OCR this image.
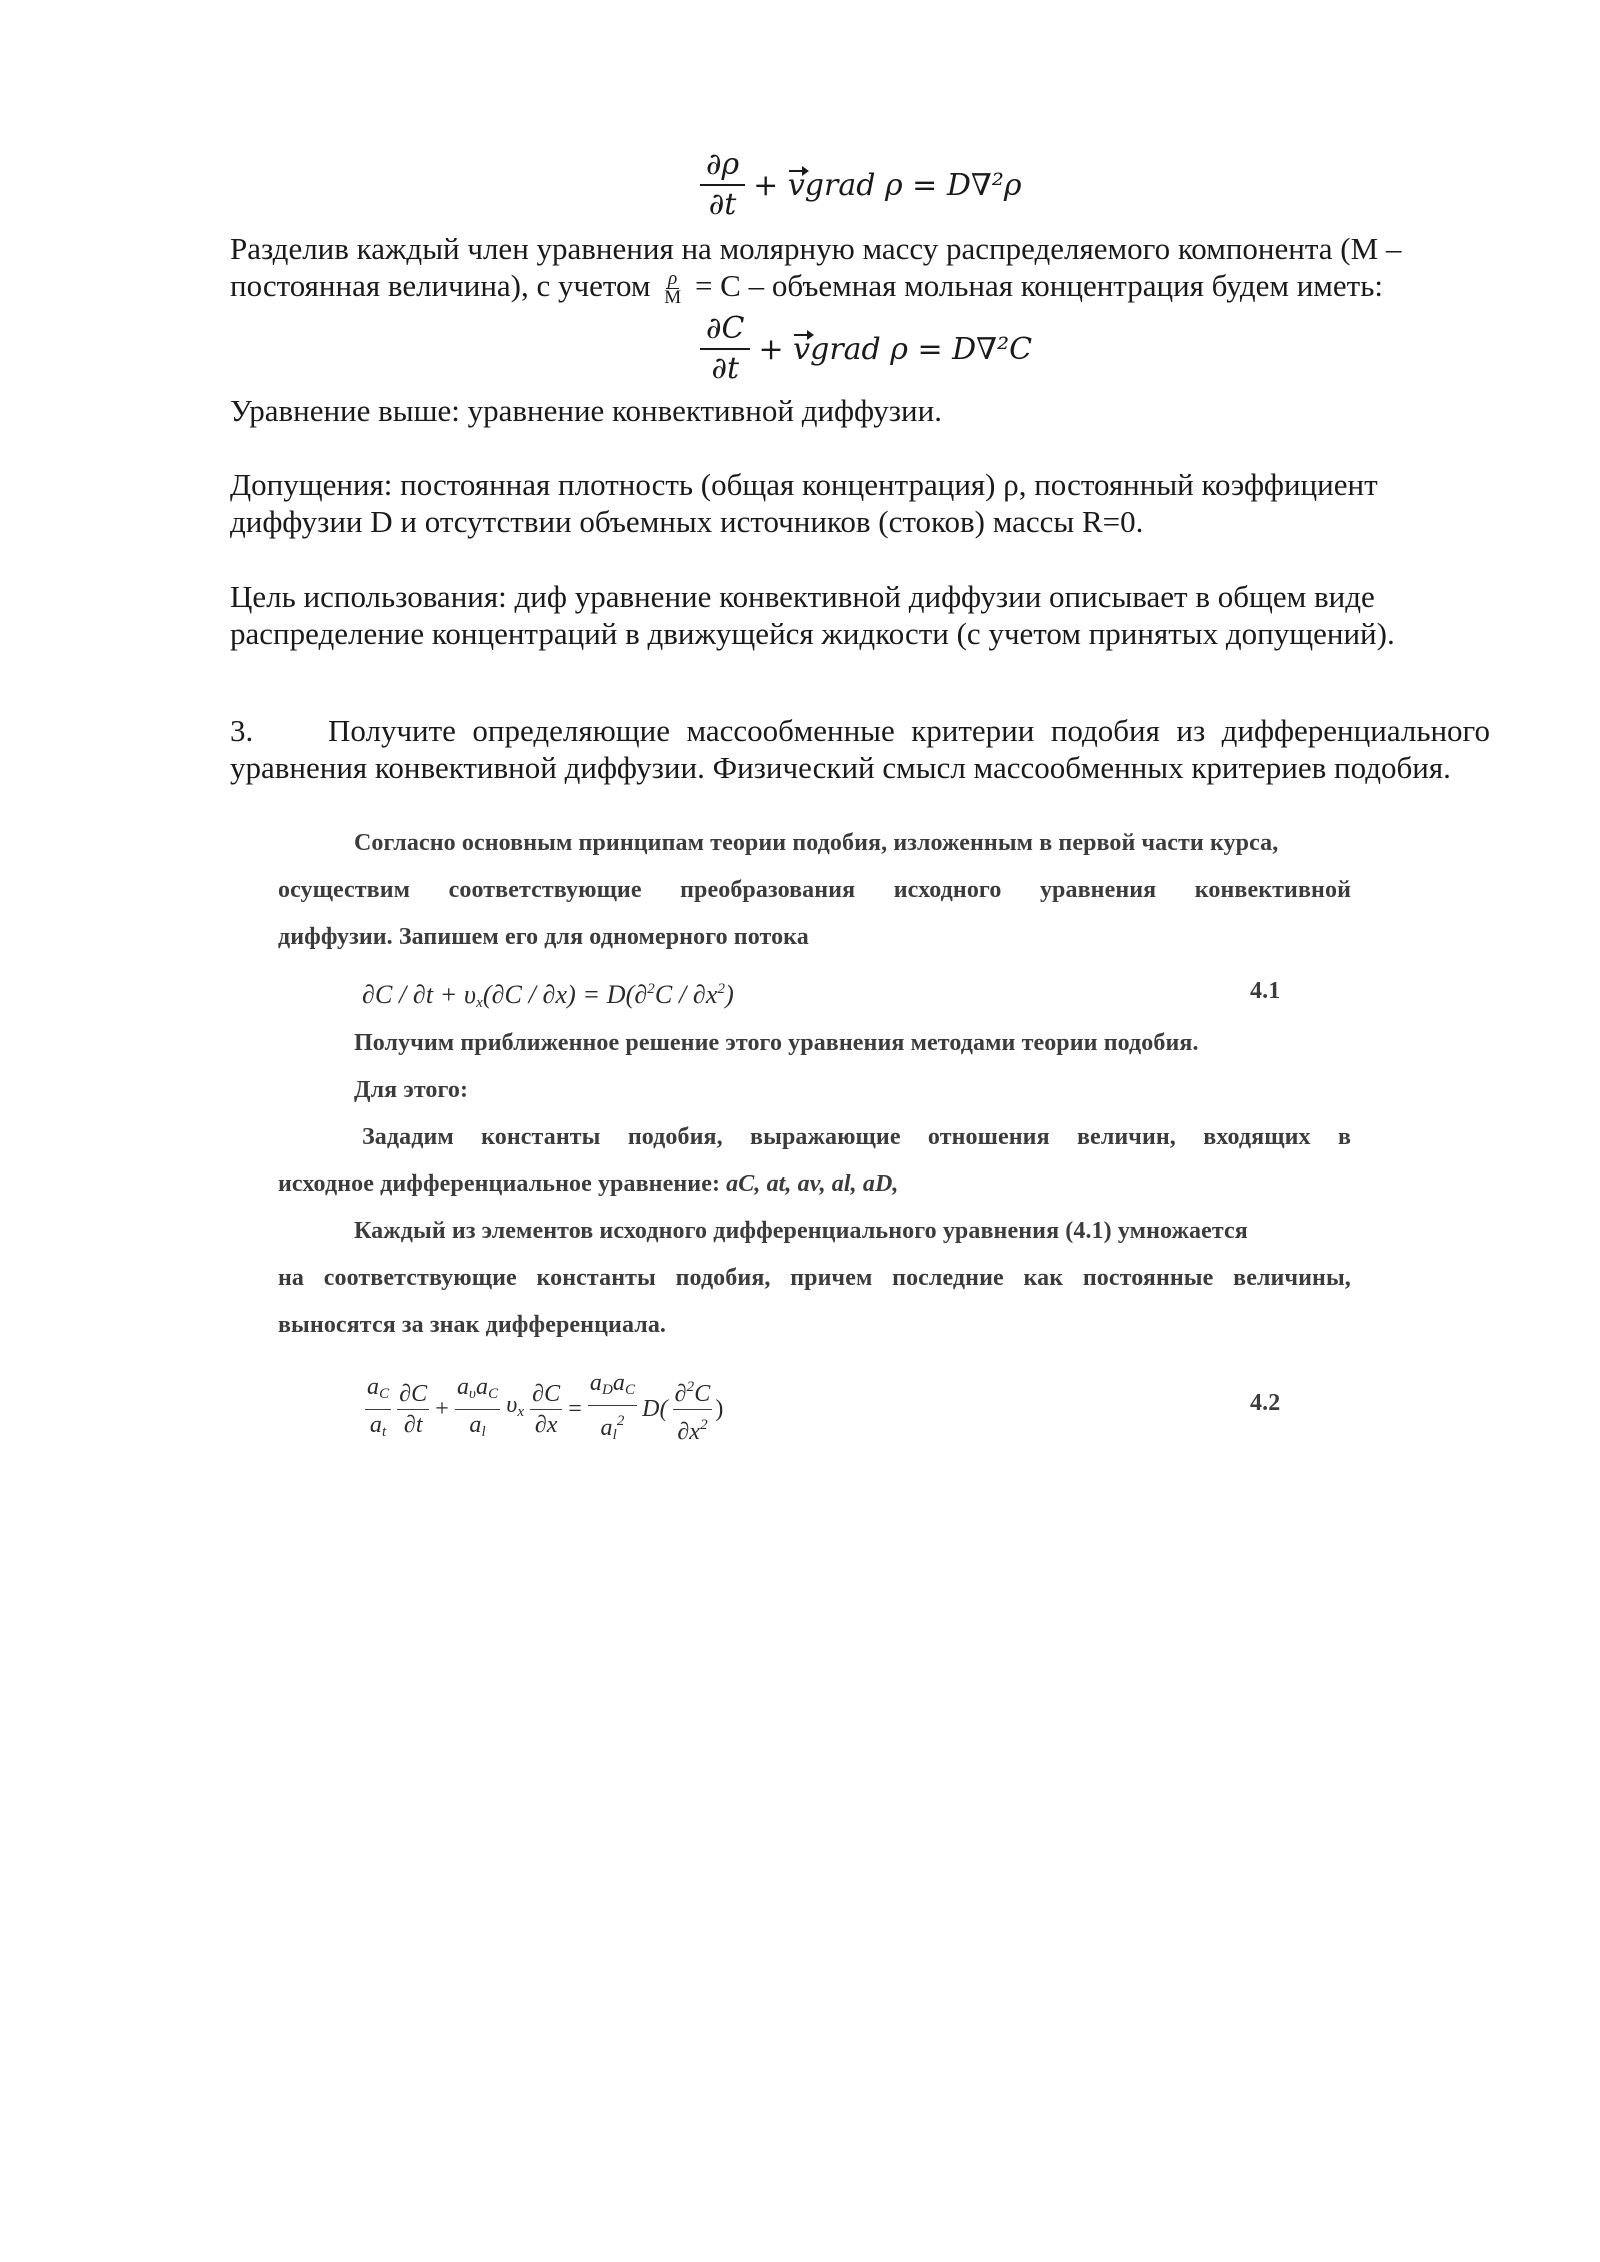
$\frac{\partial\rho}{\partial t}$ + vgrad ρ = D∇²ρ
Разделив каждый член уравнения на молярную массу распределяемого компонента (М –
постоянная величина), с учетом ρ
М = C – объемная мольная концентрация будем иметь:
$\frac{\partial C}{\partial t}$ + vgrad ρ = D∇²C
Уравнение выше: уравнение конвективной диффузии.
Допущения: постоянная плотность (общая концентрация) ρ, постоянный коэффициент
диффузии D и отсутствии объемных источников (стоков) массы R=0.
Цель использования: диф уравнение конвективной диффузии описывает в общем виде
распределение концентраций в движущейся жидкости (с учетом принятых допущений).
3. Получите определяющие массообменные критерии подобия из дифференциального уравнения конвективной диффузии. Физический смысл массообменных критериев подобия.
Согласно основным принципам теории подобия, изложенным в первой части курса,
осуществим соответствующие преобразования исходного уравнения конвективной
диффузии. Запишем его для одномерного потока
$\partial C / \partial t + \upsilon_x(\partial C / \partial x) = D(\partial^2C / \partial x^2)$	4.1
Получим приближенное решение этого уравнения методами теории подобия.
Для этого:
Зададим константы подобия, выражающие отношения величин, входящих в
исходное дифференциальное уравнение: aC, at, av, al, aD,
Каждый из элементов исходного дифференциального уравнения (4.1) умножается
на соответствующие константы подобия, причем последние как постоянные величины,
выносятся за знак дифференциала.
$a_C$
$a_t$
∂C
∂t
+
$a_\upsilon a_C$
$a_l$
$\upsilon_x \frac{\partial C}{\partial x}$ =
$a_Da_C$
$a_l^2$ D(
∂$^2$C
$\partial x^2$
)	4.2
